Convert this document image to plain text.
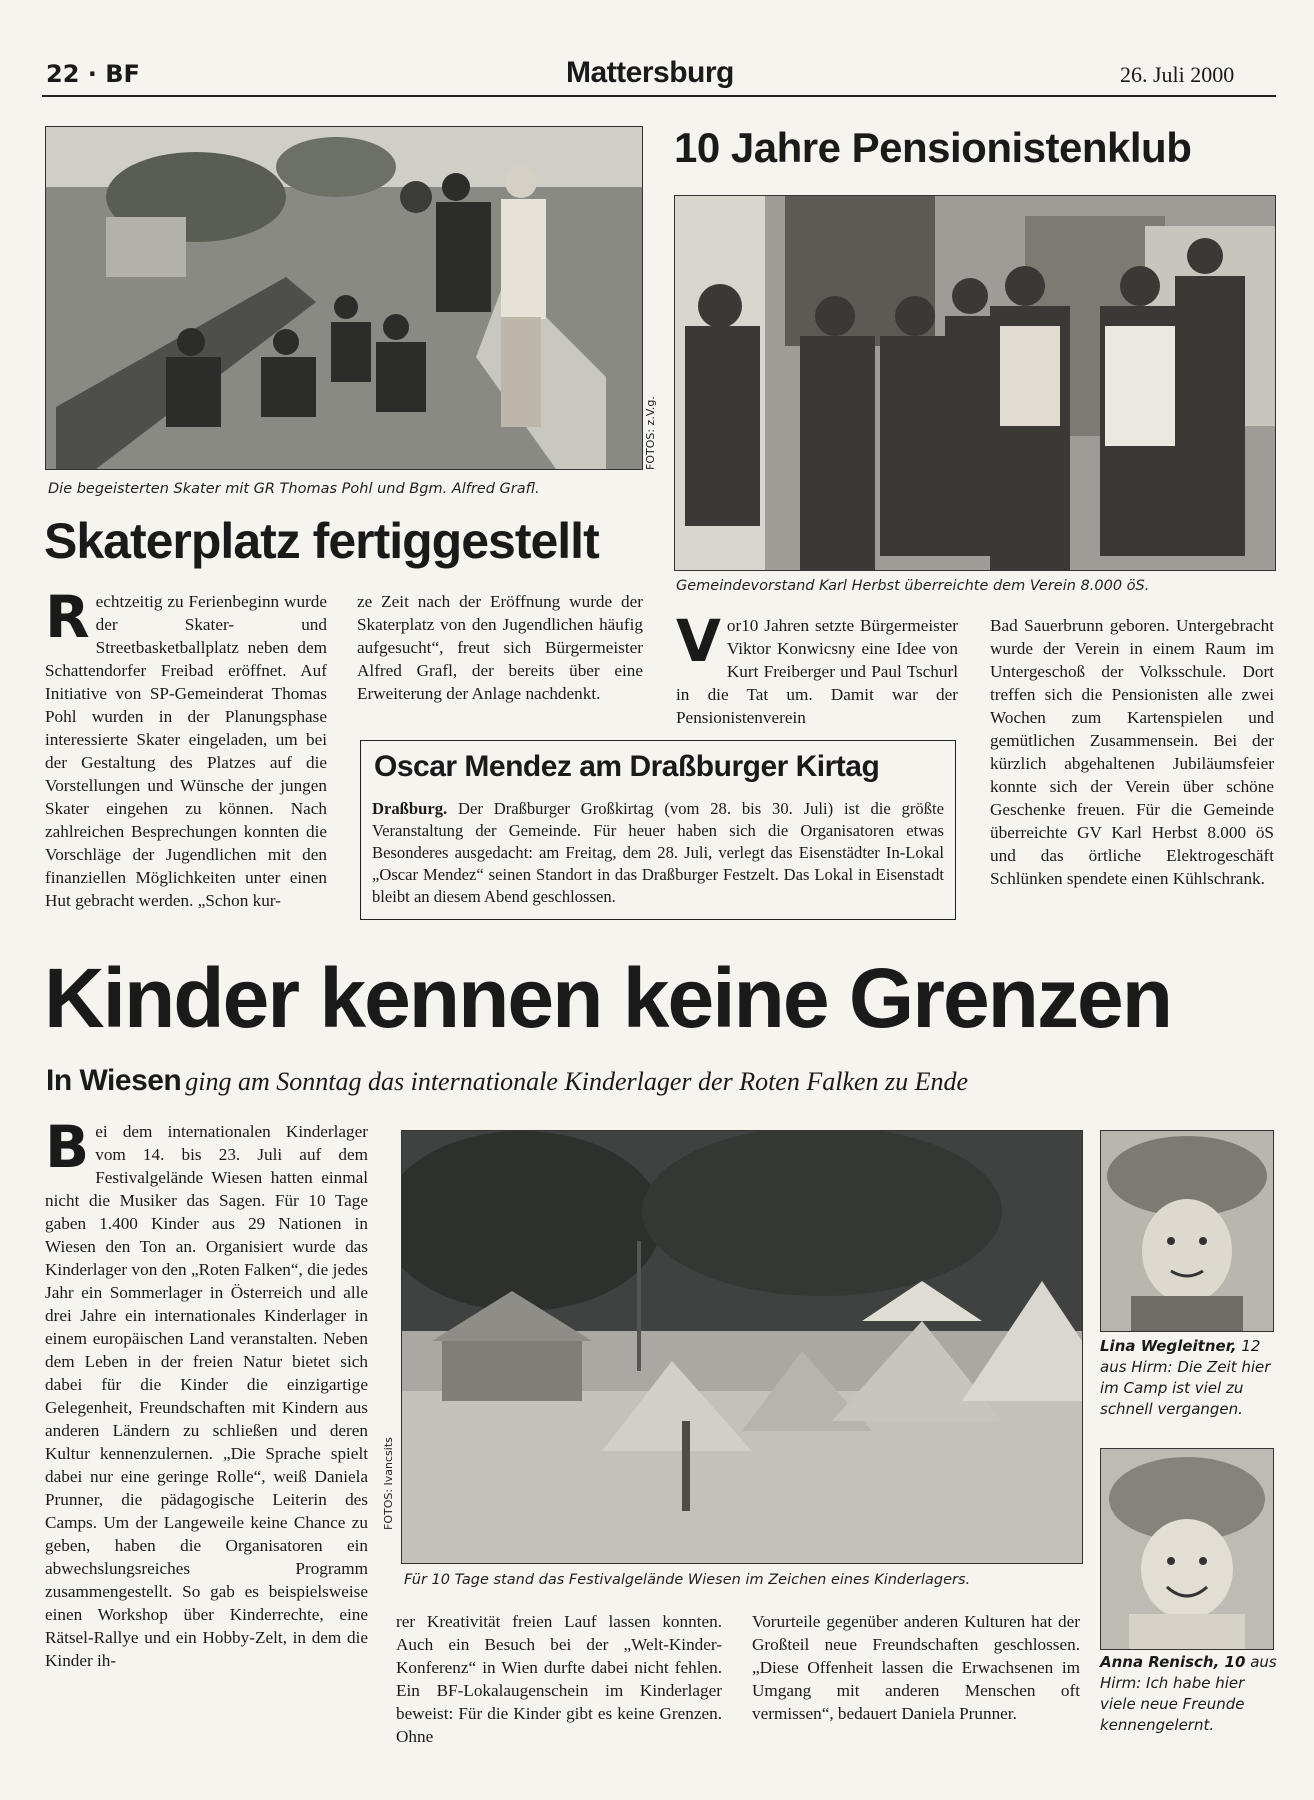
22 · BF	Mattersburg	26. Juli 2000
FOTOS: z.V.g.
Die begeisterten Skater mit GR Thomas Pohl und Bgm. Alfred Grafl.
Skaterplatz fertiggestellt

Rechtzeitig zu Ferienbeginn wurde der Skater- und Streetbasketballplatz neben dem Schattendorfer Freibad eröffnet. Auf Initiative von SP-Gemeinderat Thomas Pohl wurden in der Planungsphase interessierte Skater eingeladen, um bei der Gestaltung des Platzes auf die Vorstellungen und Wünsche der jungen Skater eingehen zu können. Nach zahlreichen Besprechungen konnten die Vorschläge der Jugendlichen mit den finanziellen Möglichkeiten unter einen Hut gebracht werden. „Schon kur-

ze Zeit nach der Eröffnung wurde der Skaterplatz von den Jugendlichen häufig aufgesucht“, freut sich Bürgermeister Alfred Grafl, der bereits über eine Erweiterung der Anlage nachdenkt.

10 Jahre Pensionistenklub
Gemeindevorstand Karl Herbst überreichte dem Verein 8.000 öS.

Vor10 Jahren setzte Bürgermeister Viktor Konwicsny eine Idee von Kurt Freiberger und Paul Tschurl in die Tat um. Damit war der Pensionistenverein

Bad Sauerbrunn geboren. Untergebracht wurde der Verein in einem Raum im Untergeschoß der Volksschule. Dort treffen sich die Pensionisten alle zwei Wochen zum Kartenspielen und gemütlichen Zusammensein. Bei der kürzlich abgehaltenen Jubiläumsfeier konnte sich der Verein über schöne Geschenke freuen. Für die Gemeinde überreichte GV Karl Herbst 8.000 öS und das örtliche Elektrogeschäft Schlünken spendete einen Kühlschrank.

Oscar Mendez am Draßburger Kirtag

Draßburg. Der Draßburger Großkirtag (vom 28. bis 30. Juli) ist die größte Veranstaltung der Gemeinde. Für heuer haben sich die Organisatoren etwas Besonderes ausgedacht: am Freitag, dem 28. Juli, verlegt das Eisenstädter In-Lokal „Oscar Mendez“ seinen Standort in das Draßburger Festzelt. Das Lokal in Eisenstadt bleibt an diesem Abend geschlossen.

Kinder kennen keine Grenzen
In Wiesen ging am Sonntag das internationale Kinderlager der Roten Falken zu Ende

Bei dem internationalen Kinderlager vom 14. bis 23. Juli auf dem Festivalgelände Wiesen hatten einmal nicht die Musiker das Sagen. Für 10 Tage gaben 1.400 Kinder aus 29 Nationen in Wiesen den Ton an. Organisiert wurde das Kinderlager von den „Roten Falken“, die jedes Jahr ein Sommerlager in Österreich und alle drei Jahre ein internationales Kinderlager in einem europäischen Land veranstalten. Neben dem Leben in der freien Natur bietet sich dabei für die Kinder die einzigartige Gelegenheit, Freundschaften mit Kindern aus anderen Ländern zu schließen und deren Kultur kennenzulernen. „Die Sprache spielt dabei nur eine geringe Rolle“, weiß Daniela Prunner, die pädagogische Leiterin des Camps. Um der Langeweile keine Chance zu geben, haben die Organisatoren ein abwechslungsreiches Programm zusammengestellt. So gab es beispielsweise einen Workshop über Kinderrechte, eine Rätsel-Rallye und ein Hobby-Zelt, in dem die Kinder ih-

FOTOS: Ivancsits
Für 10 Tage stand das Festivalgelände Wiesen im Zeichen eines Kinderlagers.

rer Kreativität freien Lauf lassen konnten. Auch ein Besuch bei der „Welt-Kinder-Konferenz“ in Wien durfte dabei nicht fehlen. Ein BF-Lokalaugenschein im Kinderlager beweist: Für die Kinder gibt es keine Grenzen. Ohne

Vorurteile gegenüber anderen Kulturen hat der Großteil neue Freundschaften geschlossen. „Diese Offenheit lassen die Erwachsenen im Umgang mit anderen Menschen oft vermissen“, bedauert Daniela Prunner.

Lina Wegleitner, 12 aus Hirm: Die Zeit hier im Camp ist viel zu schnell vergangen.
Anna Renisch, 10 aus Hirm: Ich habe hier viele neue Freunde kennengelernt.
